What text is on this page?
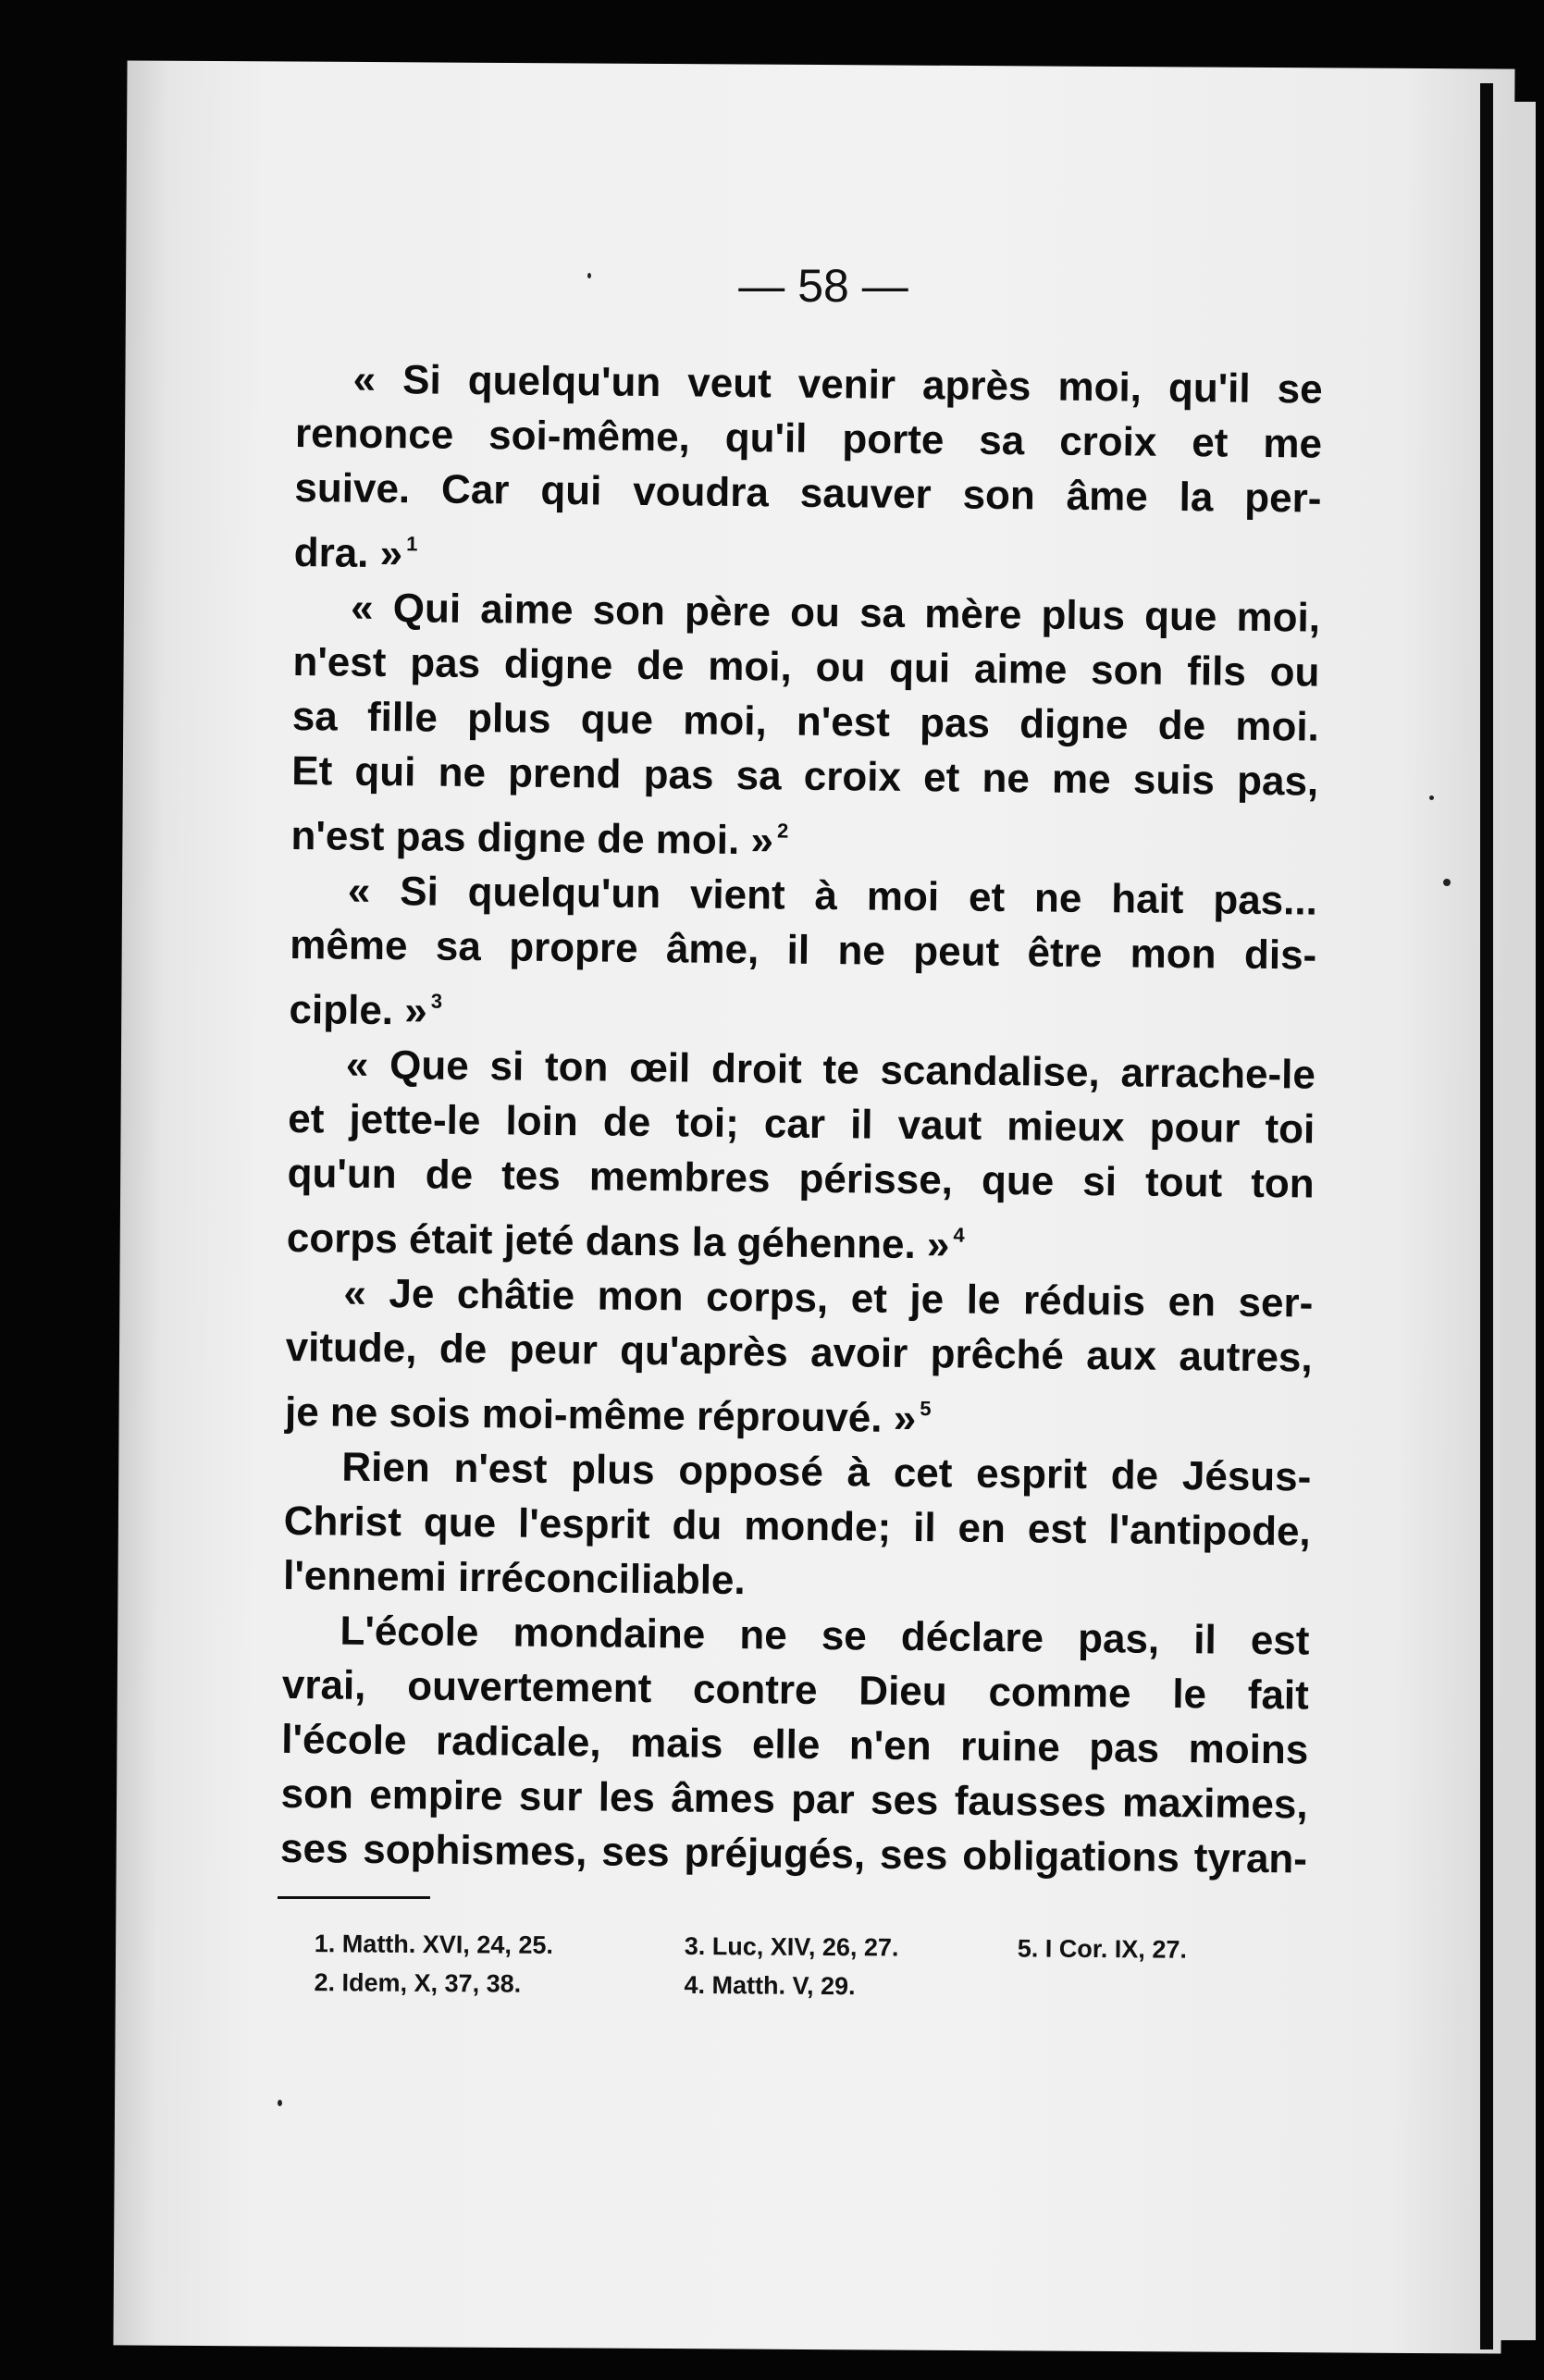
— 58 —
« Si quelqu'un veut venir après moi, qu'il se
renonce soi-même, qu'il porte sa croix et me
suive. Car qui voudra sauver son âme la per-
dra. » $^1$
« Qui aime son père ou sa mère plus que moi,
n'est pas digne de moi, ou qui aime son fils ou
sa fille plus que moi, n'est pas digne de moi.
Et qui ne prend pas sa croix et ne me suis pas,
n'est pas digne de moi. » $^2$
« Si quelqu'un vient à moi et ne hait pas...
même sa propre âme, il ne peut être mon dis-
ciple. » $^3$
« Que si ton œil droit te scandalise, arrache-le
et jette-le loin de toi; car il vaut mieux pour toi
qu'un de tes membres périsse, que si tout ton
corps était jeté dans la géhenne. » $^4$
« Je châtie mon corps, et je le réduis en ser-
vitude, de peur qu'après avoir prêché aux autres,
je ne sois moi-même réprouvé. » $^5$
Rien n'est plus opposé à cet esprit de Jésus-
Christ que l'esprit du monde; il en est l'antipode,
l'ennemi irréconciliable.
L'école mondaine ne se déclare pas, il est
vrai, ouvertement contre Dieu comme le fait
l'école radicale, mais elle n'en ruine pas moins
son empire sur les âmes par ses fausses maximes,
ses sophismes, ses préjugés, ses obligations tyran-
1. Matth. XVI, 24, 25.
2. Idem, X, 37, 38.
3. Luc, XIV, 26, 27.
4. Matth. V, 29.
5. I Cor. IX, 27.
